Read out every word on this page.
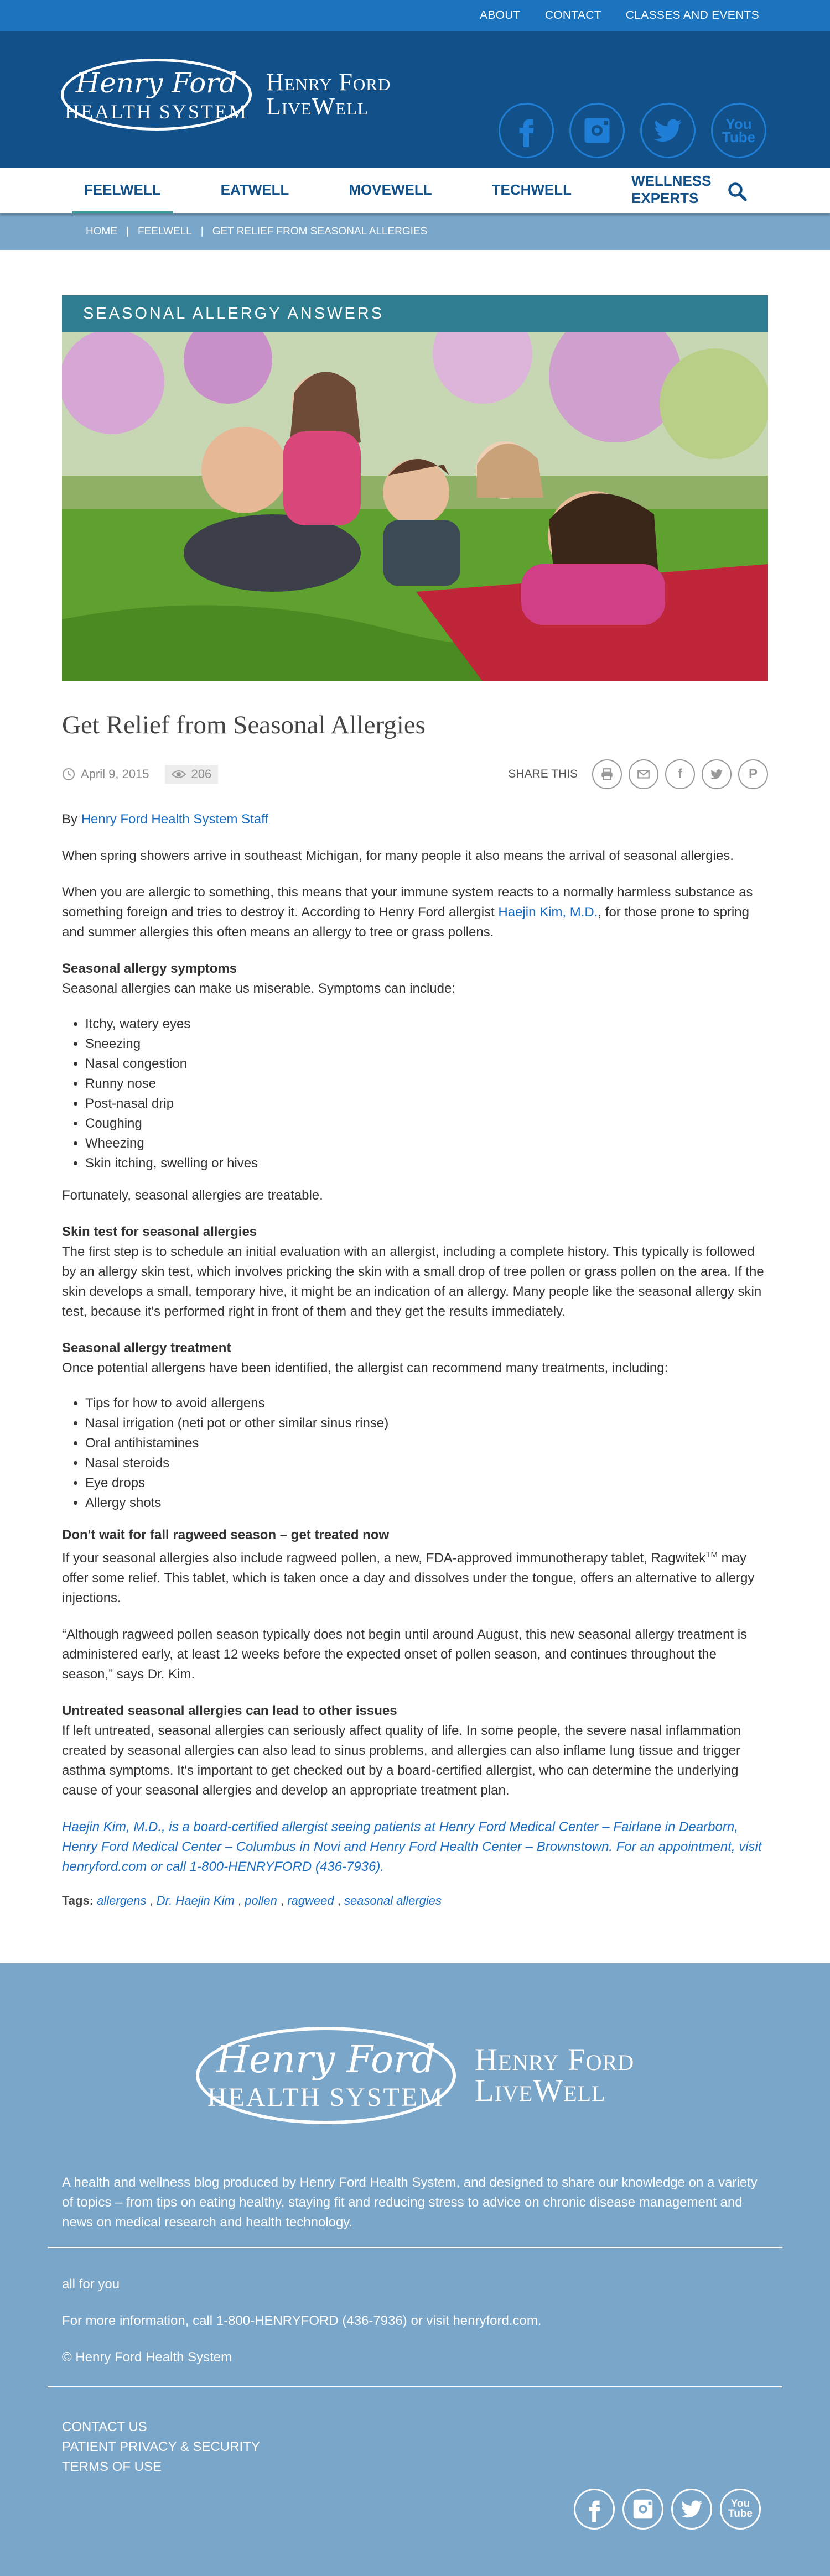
ABOUT CONTACT CLASSES AND EVENTS
Henry Ford
HEALTH SYSTEM
Henry Ford
LiveWell
You
Tube
FEELWELL	EATWELL	MOVEWELL	TECHWELL
WELLNESS EXPERTS
HOME | FEELWELL | GET RELIEF FROM SEASONAL ALLERGIES
SEASONAL ALLERGY ANSWERS
Get Relief from Seasonal Allergies
April 9, 2015	206	SHARE THIS	f	P

By Henry Ford Health System Staff

When spring showers arrive in southeast Michigan, for many people it also means the arrival of seasonal allergies.

When you are allergic to something, this means that your immune system reacts to a normally harmless substance as something foreign and tries to destroy it. According to Henry Ford allergist Haejin Kim, M.D., for those prone to spring and summer allergies this often means an allergy to tree or grass pollens.

Seasonal allergy symptoms
Seasonal allergies can make us miserable. Symptoms can include:
• Itchy, watery eyes
• Sneezing
• Nasal congestion
• Runny nose
• Post-nasal drip
• Coughing
• Wheezing
• Skin itching, swelling or hives

Fortunately, seasonal allergies are treatable.

Skin test for seasonal allergies

The first step is to schedule an initial evaluation with an allergist, including a complete history. This typically is followed by an allergy skin test, which involves pricking the skin with a small drop of tree pollen or grass pollen on the area. If the skin develops a small, temporary hive, it might be an indication of an allergy. Many people like the seasonal allergy skin test, because it's performed right in front of them and they get the results immediately.

Seasonal allergy treatment
Once potential allergens have been identified, the allergist can recommend many treatments, including:
• Tips for how to avoid allergens
• Nasal irrigation (neti pot or other similar sinus rinse)
• Oral antihistamines
• Nasal steroids
• Eye drops
• Allergy shots
Don't wait for fall ragweed season – get treated now

If your seasonal allergies also include ragweed pollen, a new, FDA-approved immunotherapy tablet, Ragwitek™ may offer some relief. This tablet, which is taken once a day and dissolves under the tongue, offers an alternative to allergy injections.

“Although ragweed pollen season typically does not begin until around August, this new seasonal allergy treatment is administered early, at least 12 weeks before the expected onset of pollen season, and continues throughout the season,” says Dr. Kim.

Untreated seasonal allergies can lead to other issues

If left untreated, seasonal allergies can seriously affect quality of life. In some people, the severe nasal inflammation created by seasonal allergies can also lead to sinus problems, and allergies can also inflame lung tissue and trigger asthma symptoms. It's important to get checked out by a board-certified allergist, who can determine the underlying cause of your seasonal allergies and develop an appropriate treatment plan.

Haejin Kim, M.D., is a board-certified allergist seeing patients at Henry Ford Medical Center – Fairlane in Dearborn, Henry Ford Medical Center – Columbus in Novi and Henry Ford Health Center – Brownstown. For an appointment, visit henryford.com or call 1-800-HENRYFORD (436-7936).

Tags: allergens , Dr. Haejin Kim , pollen , ragweed , seasonal allergies
Henry Ford
HEALTH SYSTEM
Henry Ford
LiveWell
A health and wellness blog produced by Henry Ford Health System, and designed to share our knowledge on a variety of topics – from tips on eating healthy, staying fit and reducing stress to advice on chronic disease management and news on medical research and health technology.

all for you

For more information, call 1-800-HENRYFORD (436-7936) or visit henryford.com.

© Henry Ford Health System

CONTACT US
PATIENT PRIVACY & SECURITY
TERMS OF USE
You
Tube
